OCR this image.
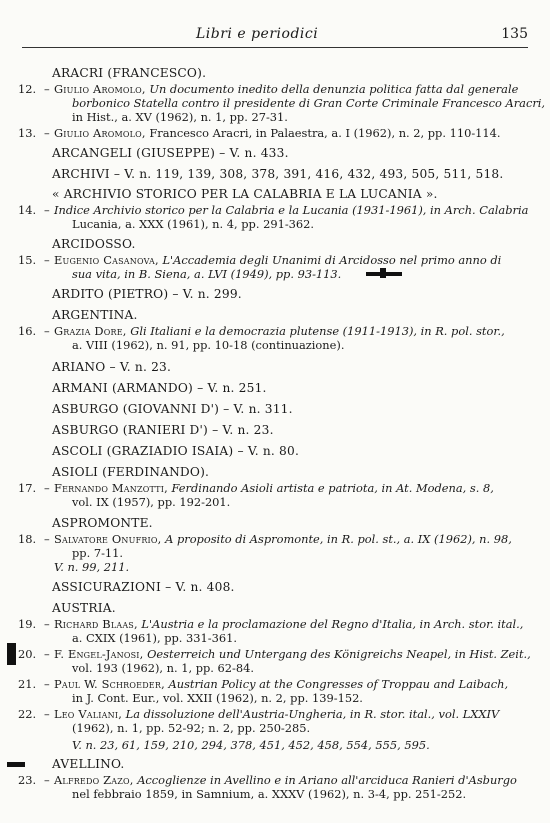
Libri e periodici	135
ARACRI (FRANCESCO).
12. – Giulio Aromolo, Un documento inedito della denunzia politica fatta dal generale
borbonico Statella contro il presidente di Gran Corte Criminale Francesco Aracri,
in Hist., a. XV (1962), n. 1, pp. 27-31.
13. – Giulio Aromolo, Francesco Aracri, in Palaestra, a. I (1962), n. 2, pp. 110-114.
ARCANGELI (GIUSEPPE) – V. n. 433.
ARCHIVI – V. n. 119, 139, 308, 378, 391, 416, 432, 493, 505, 511, 518.
« ARCHIVIO STORICO PER LA CALABRIA E LA LUCANIA ».
14. – Indice Archivio storico per la Calabria e la Lucania (1931-1961), in Arch. Calabria
Lucania, a. XXX (1961), n. 4, pp. 291-362.
ARCIDOSSO.
15. – Eugenio Casanova, L'Accademia degli Unanimi di Arcidosso nel primo anno di
sua vita, in B. Siena, a. LVI (1949), pp. 93-113.
ARDITO (PIETRO) – V. n. 299.
ARGENTINA.
16. – Grazia Dore, Gli Italiani e la democrazia plutense (1911-1913), in R. pol. stor.,
a. VIII (1962), n. 91, pp. 10-18 (continuazione).
ARIANO – V. n. 23.
ARMANI (ARMANDO) – V. n. 251.
ASBURGO (GIOVANNI D') – V. n. 311.
ASBURGO (RANIERI D') – V. n. 23.
ASCOLI (GRAZIADIO ISAIA) – V. n. 80.
ASIOLI (FERDINANDO).
17. – Fernando Manzotti, Ferdinando Asioli artista e patriota, in At. Modena, s. 8,
vol. IX (1957), pp. 192-201.
ASPROMONTE.
18. – Salvatore Onufrio, A proposito di Aspromonte, in R. pol. st., a. IX (1962), n. 98,
pp. 7-11.
V. n. 99, 211.
ASSICURAZIONI – V. n. 408.
AUSTRIA.
19. – Richard Blaas, L'Austria e la proclamazione del Regno d'Italia, in Arch. stor. ital.,
a. CXIX (1961), pp. 331-361.
20. – F. Engel-Janosi, Oesterreich und Untergang des Königreichs Neapel, in Hist. Zeit.,
vol. 193 (1962), n. 1, pp. 62-84.
21. – Paul W. Schroeder, Austrian Policy at the Congresses of Troppau and Laibach,
in J. Cont. Eur., vol. XXII (1962), n. 2, pp. 139-152.
22. – Leo Valiani, La dissoluzione dell'Austria-Ungheria, in R. stor. ital., vol. LXXIV
(1962), n. 1, pp. 52-92; n. 2, pp. 250-285.
V. n. 23, 61, 159, 210, 294, 378, 451, 452, 458, 554, 555, 595.
AVELLINO.
23. – Alfredo Zazo, Accoglienze in Avellino e in Ariano all'arciduca Ranieri d'Asburgo
nel febbraio 1859, in Samnium, a. XXXV (1962), n. 3-4, pp. 251-252.
